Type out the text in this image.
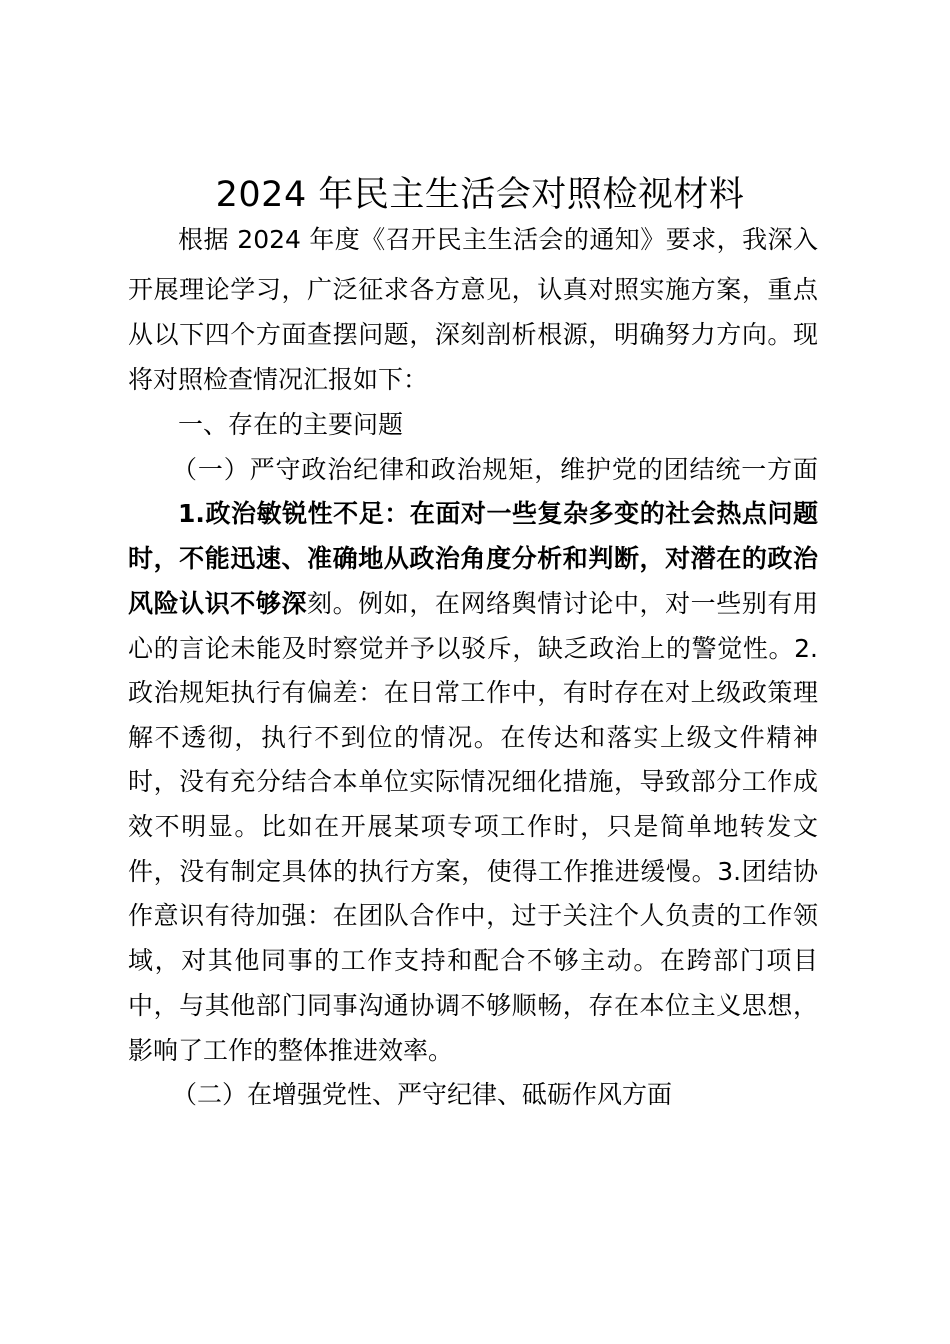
2024 年民主生活会对照检视材料
根据 2024 年度《召开民主生活会的通知》要求，我深入
开展理论学习，广泛征求各方意见，认真对照实施方案，重点
从以下四个方面查摆问题，深刻剖析根源，明确努力方向。现
将对照检查情况汇报如下：
一、存在的主要问题
（一）严守政治纪律和政治规矩，维护党的团结统一方面
1.政治敏锐性不足：在面对一些复杂多变的社会热点问题
时，不能迅速、准确地从政治角度分析和判断，对潜在的政治
风险认识不够深刻。例如，在网络舆情讨论中，对一些别有用
心的言论未能及时察觉并予以驳斥，缺乏政治上的警觉性。2.
政治规矩执行有偏差：在日常工作中，有时存在对上级政策理
解不透彻，执行不到位的情况。在传达和落实上级文件精神
时，没有充分结合本单位实际情况细化措施，导致部分工作成
效不明显。比如在开展某项专项工作时，只是简单地转发文
件，没有制定具体的执行方案，使得工作推进缓慢。3.团结协
作意识有待加强：在团队合作中，过于关注个人负责的工作领
域，对其他同事的工作支持和配合不够主动。在跨部门项目
中，与其他部门同事沟通协调不够顺畅，存在本位主义思想，
影响了工作的整体推进效率。
（二）在增强党性、严守纪律、砥砺作风方面
